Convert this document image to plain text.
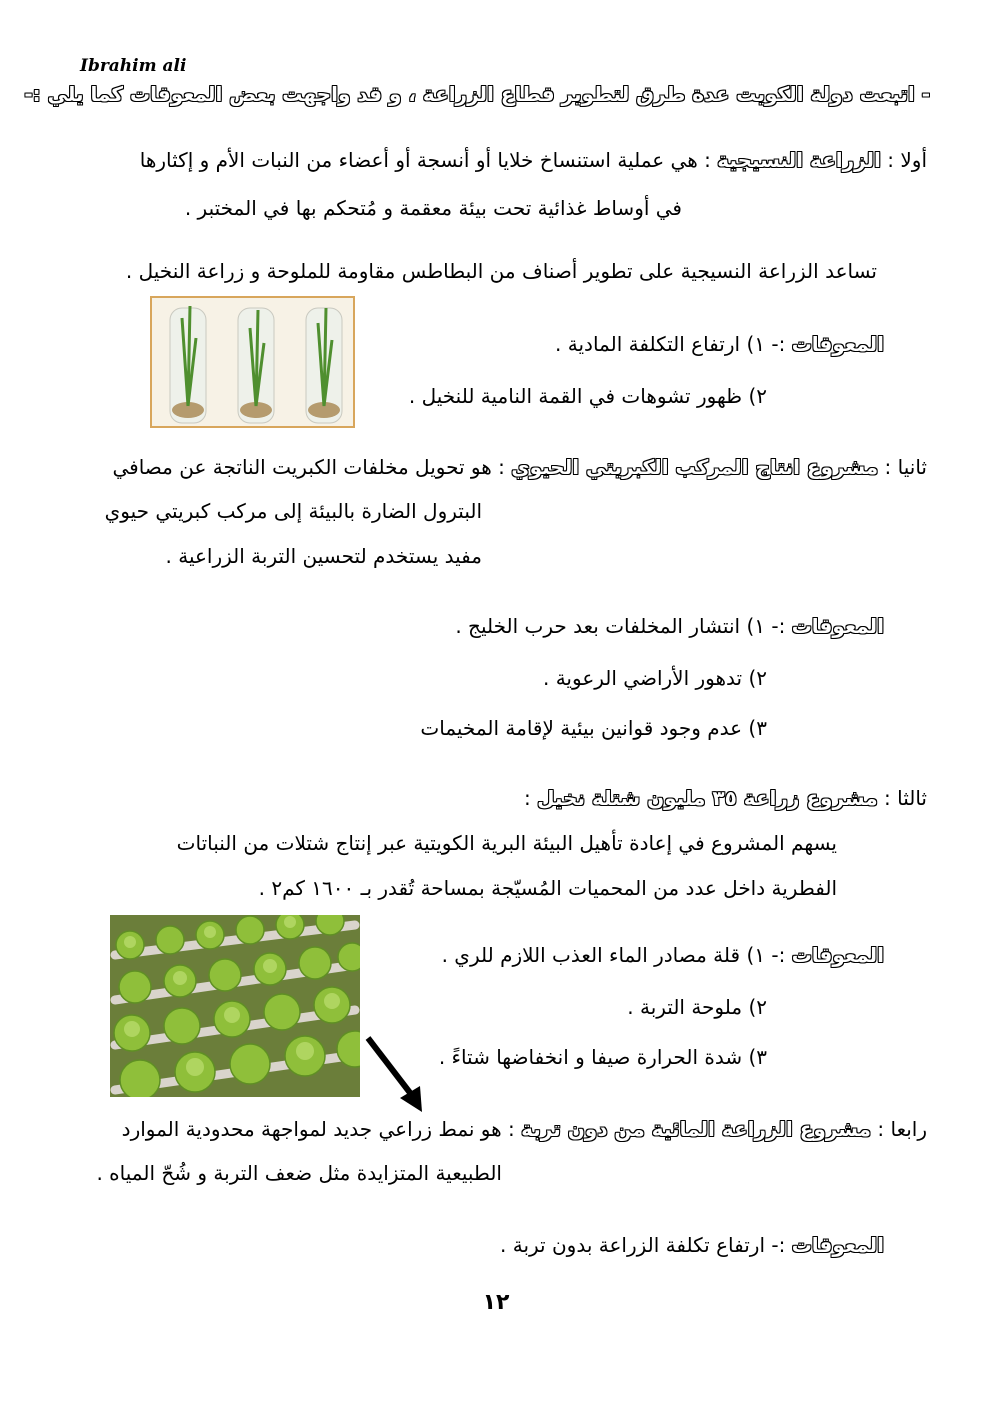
Ibrahim ali
- اتبعت دولة الكويت عدة طرق لتطوير قطاع الزراعة ، و قد واجهت بعض المعوقات كما يلي :-
أولا : الزراعة النسيجية : هي عملية استنساخ خلايا أو أنسجة أو أعضاء من النبات الأم و إكثارها
في أوساط غذائية تحت بيئة معقمة و مُتحكم بها في المختبر .
تساعد الزراعة النسيجية على تطوير أصناف من البطاطس مقاومة للملوحة و زراعة النخيل .
المعوقات :- ١) ارتفاع التكلفة المادية .
٢) ظهور تشوهات في القمة النامية للنخيل .
ثانيا : مشروع انتاج المركب الكبريتي الحيوي : هو تحويل مخلفات الكبريت الناتجة عن مصافي
البترول الضارة بالبيئة إلى مركب كبريتي حيوي
مفيد يستخدم لتحسين التربة الزراعية .
المعوقات :- ١) انتشار المخلفات بعد حرب الخليج .
٢) تدهور الأراضي الرعوية .
٣) عدم وجود قوانين بيئية لإقامة المخيمات
ثالثا : مشروع زراعة ٣٥ مليون شتلة نخيل :
يسهم المشروع في إعادة تأهيل البيئة البرية الكويتية عبر إنتاج شتلات من النباتات
الفطرية داخل عدد من المحميات المُسيّجة بمساحة تُقدر بـ ١٦٠٠ كم٢ .
المعوقات :- ١) قلة مصادر الماء العذب اللازم للري .
٢) ملوحة التربة .
٣) شدة الحرارة صيفا و انخفاضها شتاءً .
رابعا : مشروع الزراعة المائية من دون تربة : هو نمط زراعي جديد لمواجهة محدودية الموارد
الطبيعية المتزايدة مثل ضعف التربة و شُحّ المياه .
المعوقات :- ارتفاع تكلفة الزراعة بدون تربة .
١٢
